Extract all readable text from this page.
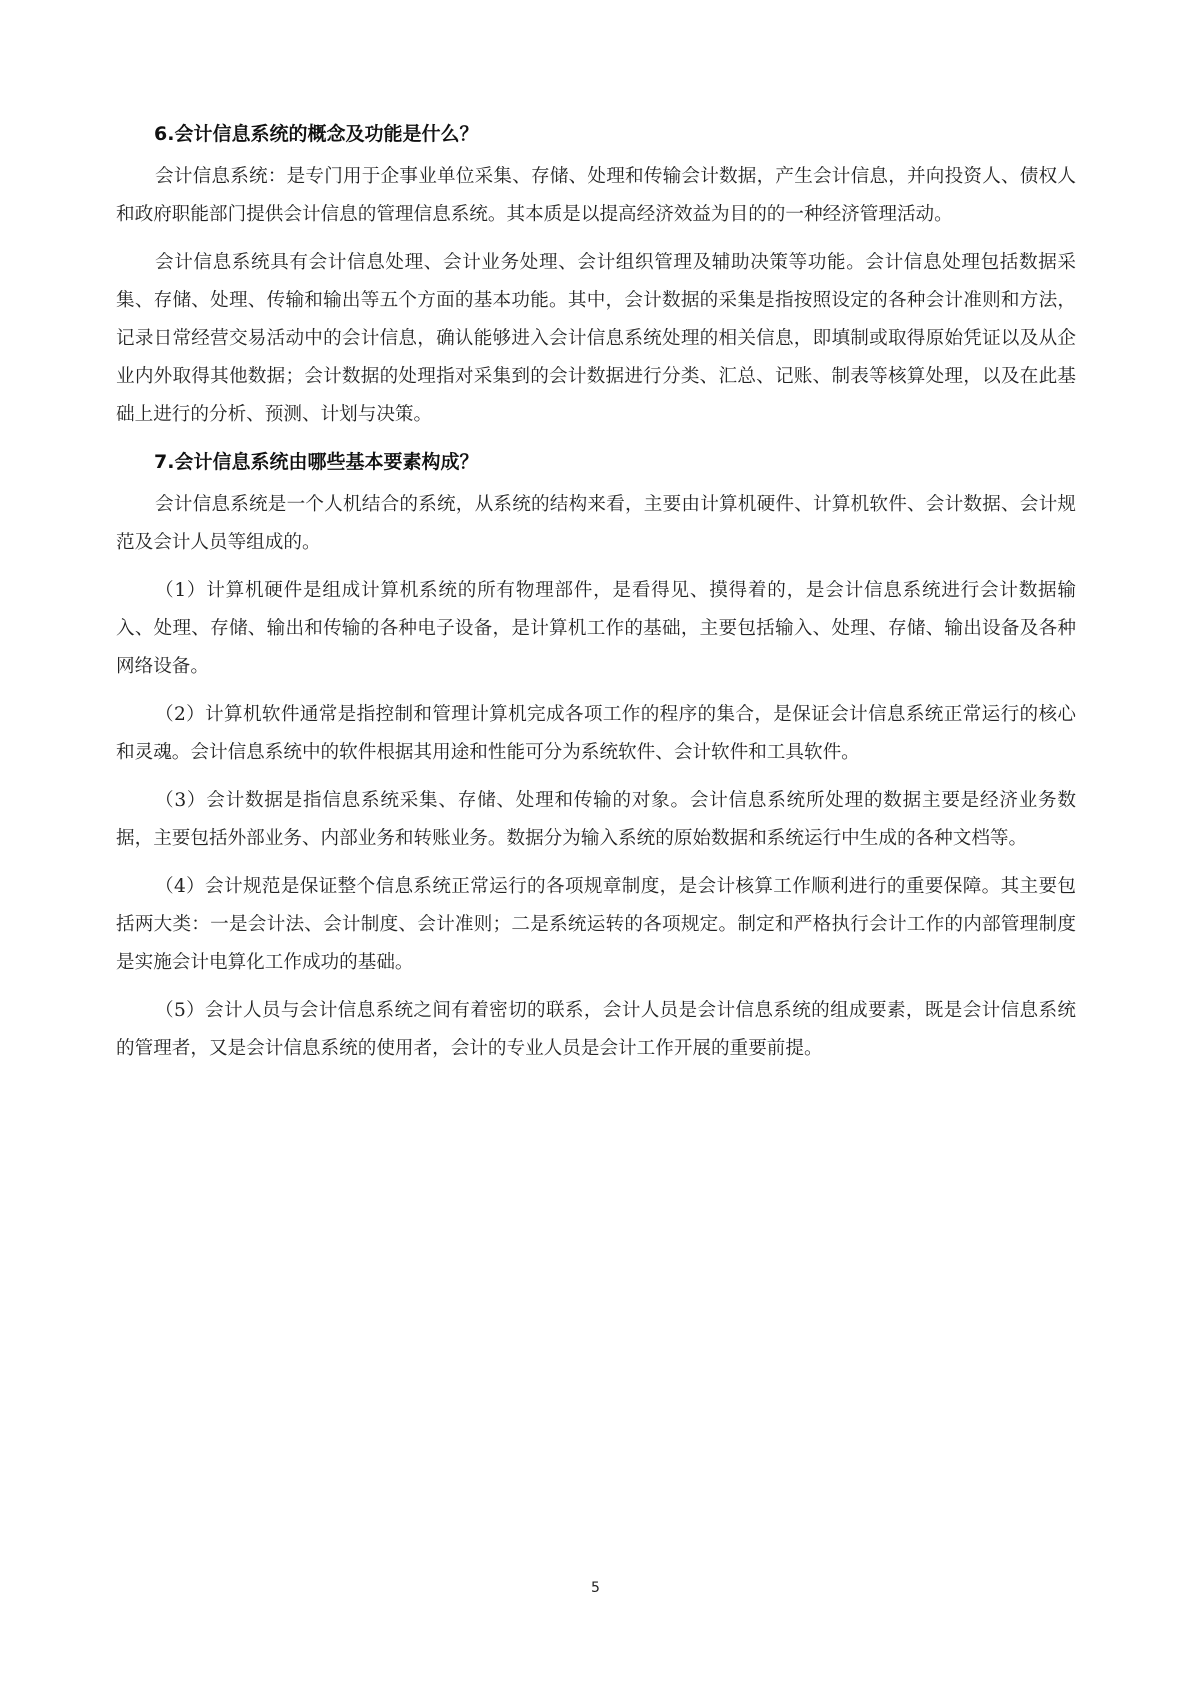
6.会计信息系统的概念及功能是什么？

会计信息系统：是专门用于企事业单位采集、存储、处理和传输会计数据，产生会计信息，并向投资人、债权人和政府职能部门提供会计信息的管理信息系统。其本质是以提高经济效益为目的的一种经济管理活动。

会计信息系统具有会计信息处理、会计业务处理、会计组织管理及辅助决策等功能。会计信息处理包括数据采集、存储、处理、传输和输出等五个方面的基本功能。其中，会计数据的采集是指按照设定的各种会计准则和方法，记录日常经营交易活动中的会计信息，确认能够进入会计信息系统处理的相关信息，即填制或取得原始凭证以及从企业内外取得其他数据；会计数据的处理指对采集到的会计数据进行分类、汇总、记账、制表等核算处理，以及在此基础上进行的分析、预测、计划与决策。

7.会计信息系统由哪些基本要素构成？

会计信息系统是一个人机结合的系统，从系统的结构来看，主要由计算机硬件、计算机软件、会计数据、会计规范及会计人员等组成的。

（1）计算机硬件是组成计算机系统的所有物理部件，是看得见、摸得着的，是会计信息系统进行会计数据输入、处理、存储、输出和传输的各种电子设备，是计算机工作的基础，主要包括输入、处理、存储、输出设备及各种网络设备。

（2）计算机软件通常是指控制和管理计算机完成各项工作的程序的集合，是保证会计信息系统正常运行的核心和灵魂。会计信息系统中的软件根据其用途和性能可分为系统软件、会计软件和工具软件。

（3）会计数据是指信息系统采集、存储、处理和传输的对象。会计信息系统所处理的数据主要是经济业务数据，主要包括外部业务、内部业务和转账业务。数据分为输入系统的原始数据和系统运行中生成的各种文档等。

（4）会计规范是保证整个信息系统正常运行的各项规章制度，是会计核算工作顺利进行的重要保障。其主要包括两大类：一是会计法、会计制度、会计准则；二是系统运转的各项规定。制定和严格执行会计工作的内部管理制度是实施会计电算化工作成功的基础。

（5）会计人员与会计信息系统之间有着密切的联系，会计人员是会计信息系统的组成要素，既是会计信息系统的管理者，又是会计信息系统的使用者，会计的专业人员是会计工作开展的重要前提。

5
